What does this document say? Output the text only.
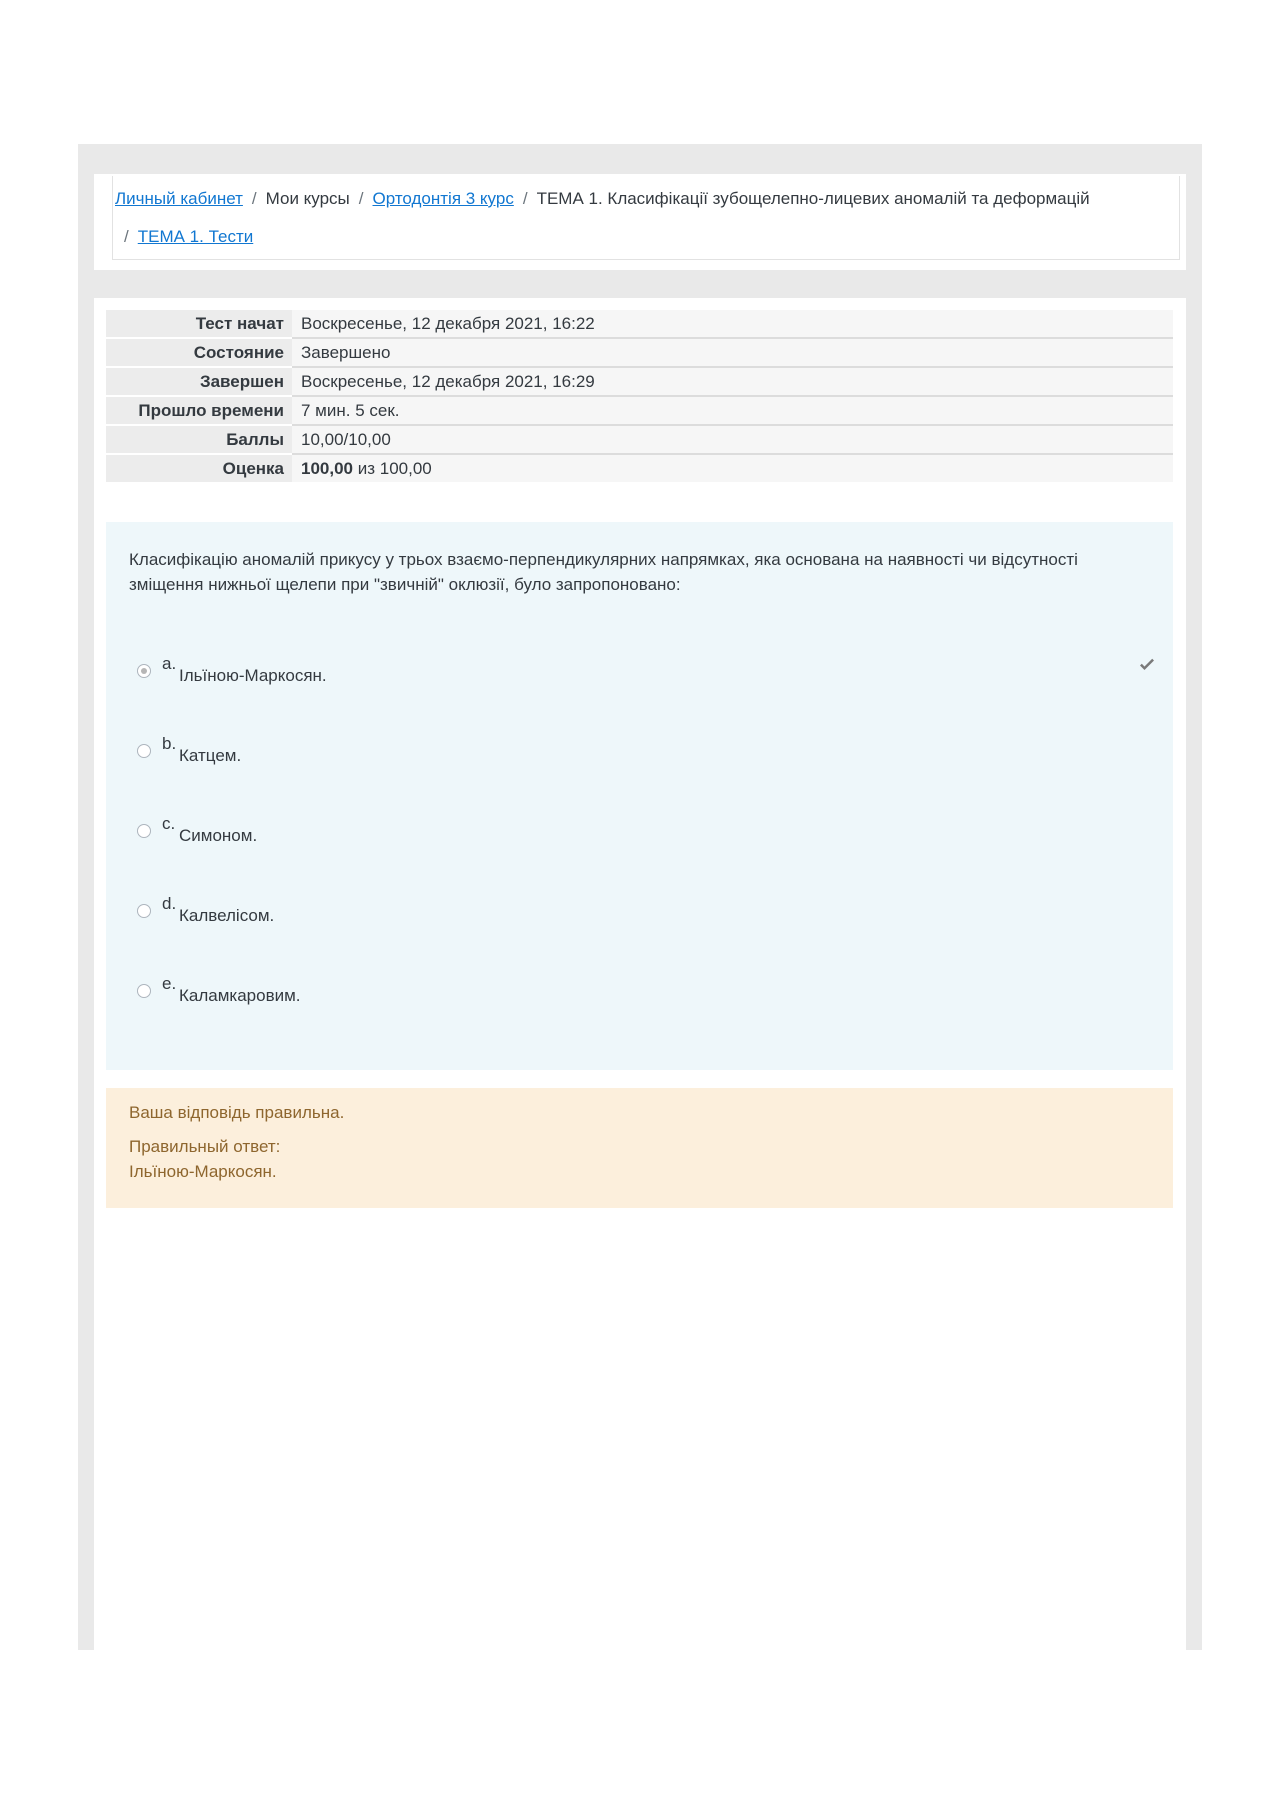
Личный кабинет / Мои курсы / Ортодонтія 3 курс / ТЕМА 1. Класифікації зубощелепно-лицевих аномалій та деформацій
/ ТЕМА 1. Тести
Тест начат	Воскресенье, 12 декабря 2021, 16:22
Состояние	Завершено
Завершен	Воскресенье, 12 декабря 2021, 16:29
Прошло времени	7 мин. 5 сек.
Баллы	10,00/10,00
Оценка	100,00 из 100,00
Класифікацію аномалій прикусу у трьох взаємо-перпендикулярних напрямках, яка основана на наявності чи відсутності зміщення нижньої щелепи при "звичній" оклюзії, було запропоновано:
a.
Ільїною-Маркосян.
b.
Катцем.
c.
Симоном.
d.
Калвелісом.
e.
Каламкаровим.
Ваша відповідь правильна.
Правильный ответ:
Ільїною-Маркосян.
